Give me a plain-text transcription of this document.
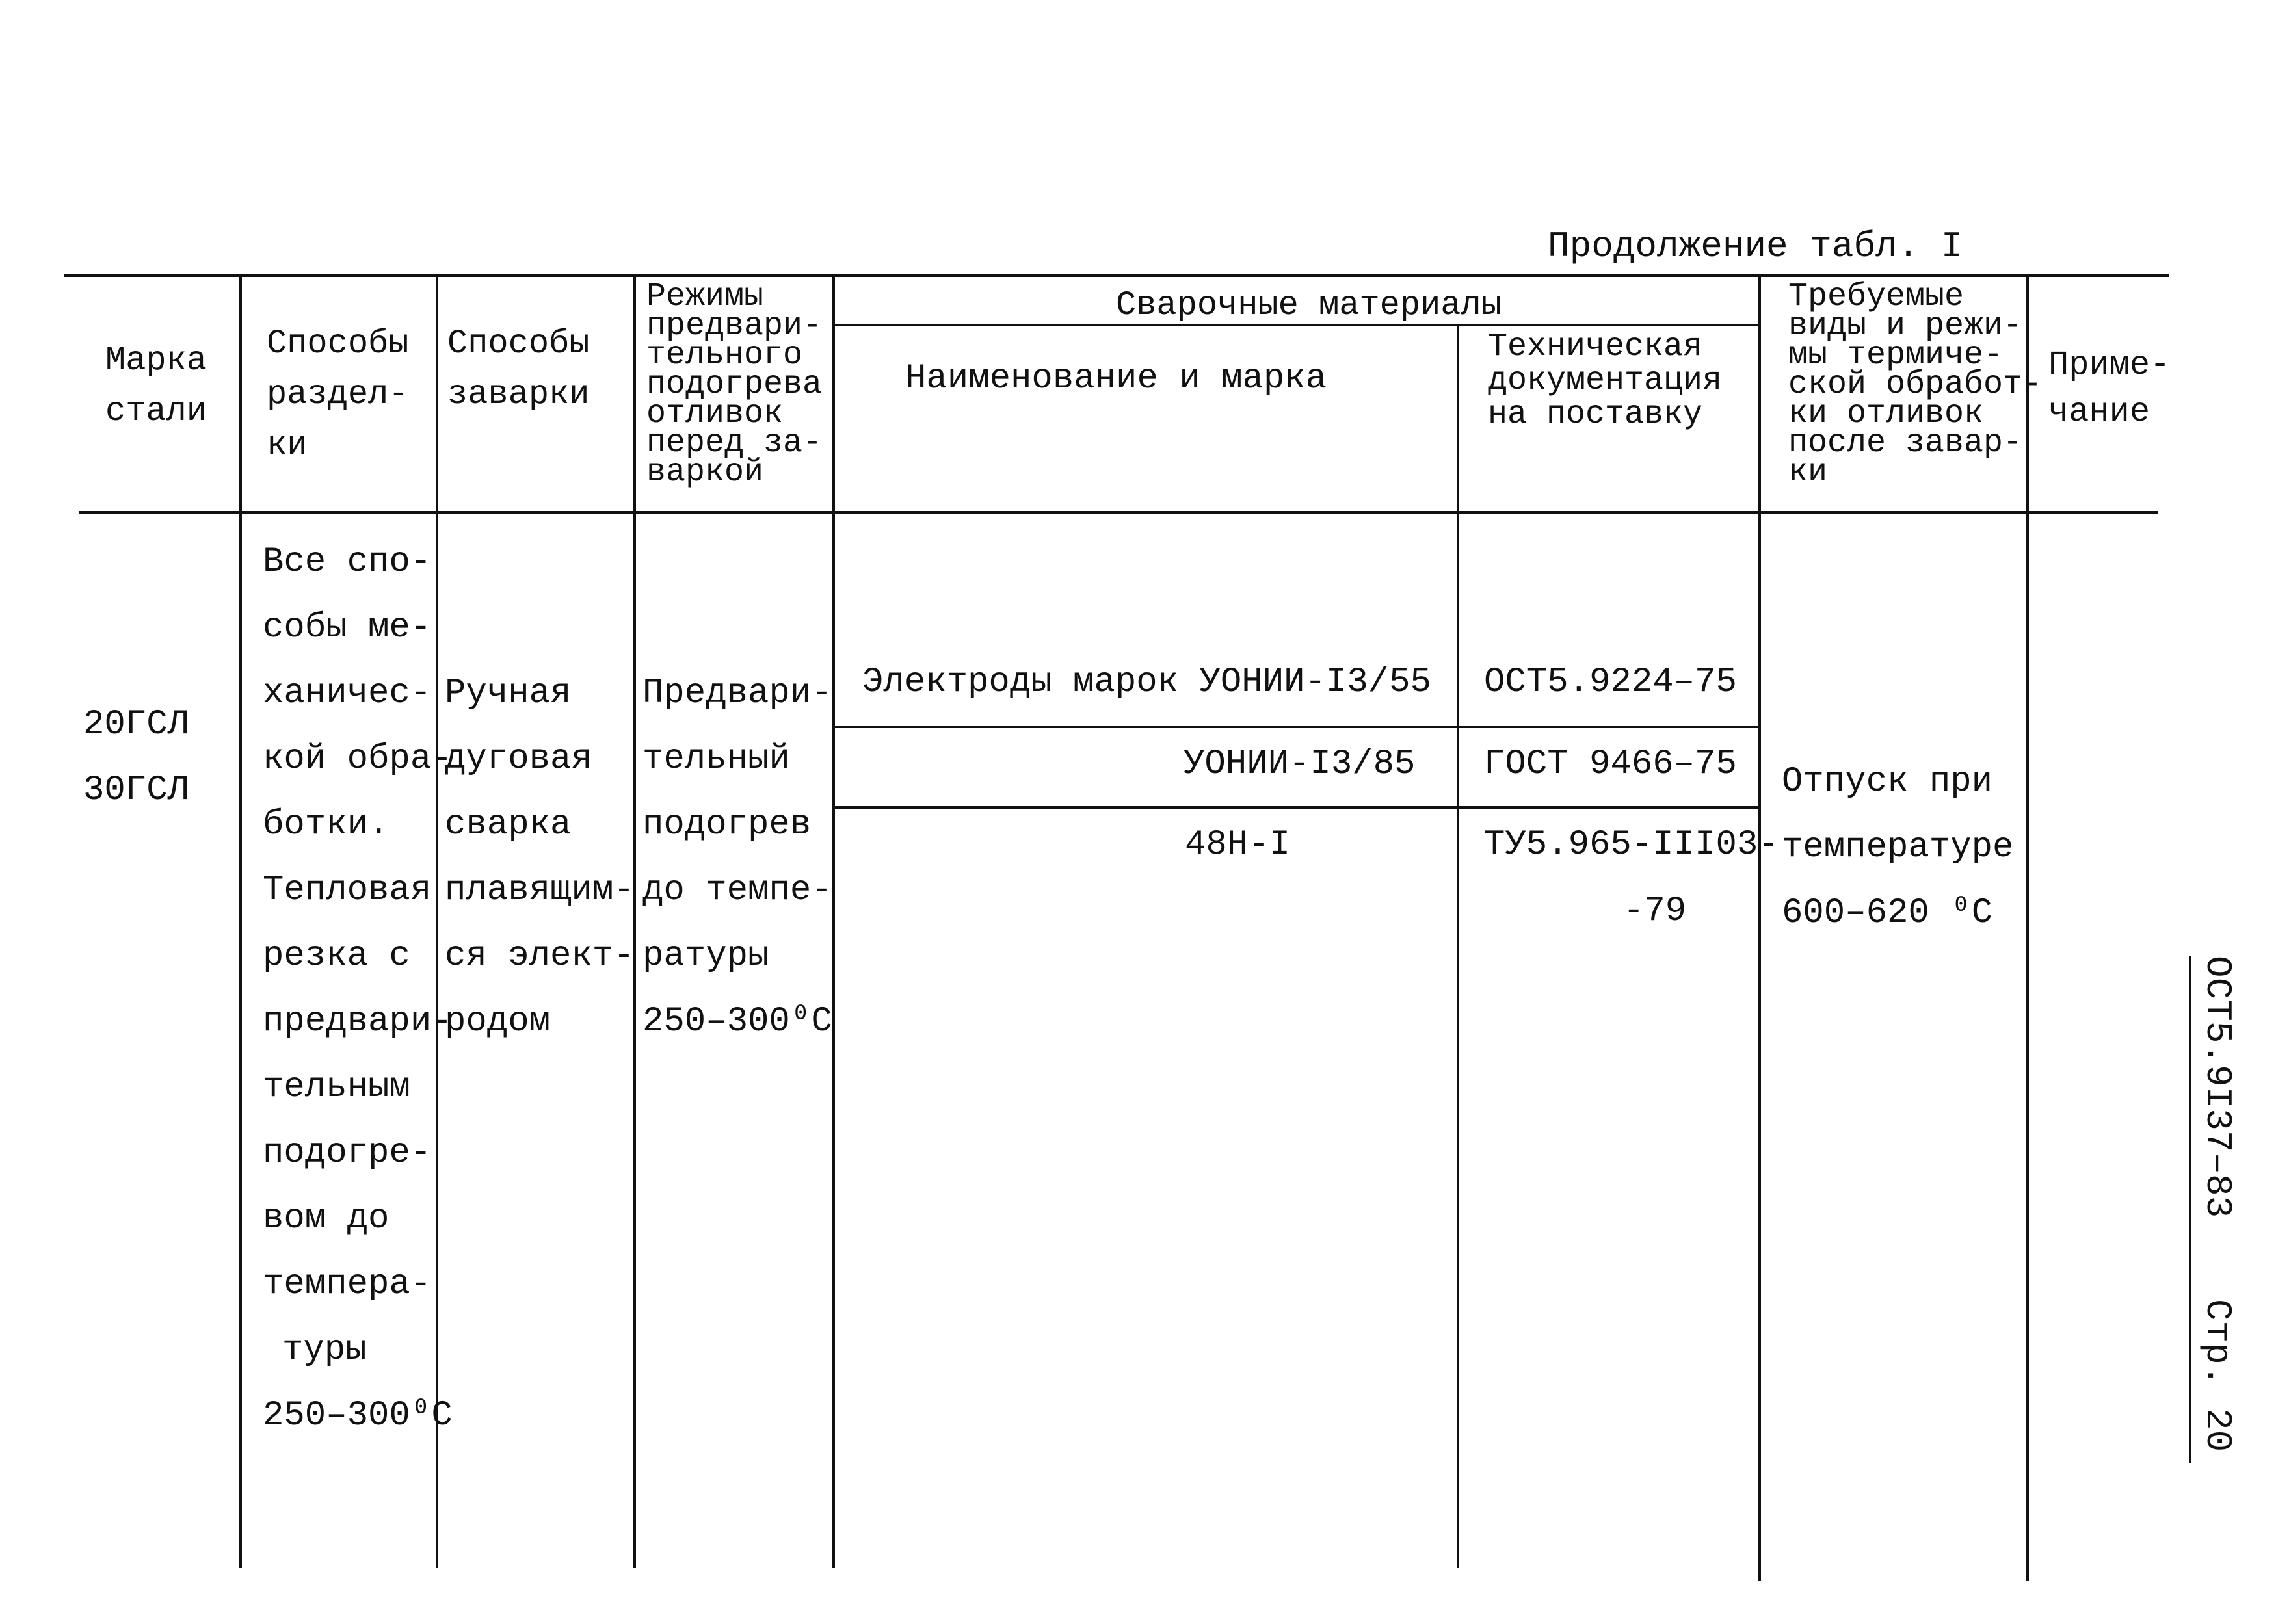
Продолжение табл. I
Марка
стали
Способы
раздел-
ки
Способы
заварки
Режимы
предвари-
тельного
подогрева
отливок
перед за-
варкой
Сварочные материалы
Наименование и марка
Техническая
документация
на поставку
Требуемые
виды и режи-
мы термиче-
ской обработ-
ки отливок
после завар-
ки
Приме-
чание
20ГСЛ
30ГСЛ
Все спо-
собы ме-
ханичес-
кой обра-
ботки.
Тепловая
резка с
предвари-
тельным
подогре-
вом до
темпера-
туры
250–300⁰С
Ручная
дуговая
сварка
плавящим-
ся элект-
родом
Предвари-
тельный
подогрев
до темпе-
ратуры
250–300⁰С
Электроды марок УОНИИ-I3/55 ОСТ5.9224–75
УОНИИ-I3/85 ГОСТ 9466–75
48Н-I	ТУ5.965-III03-
-79
Отпуск при
температуре
600–620 ⁰С
ОСТ5.9I37–83
Стр. 20
